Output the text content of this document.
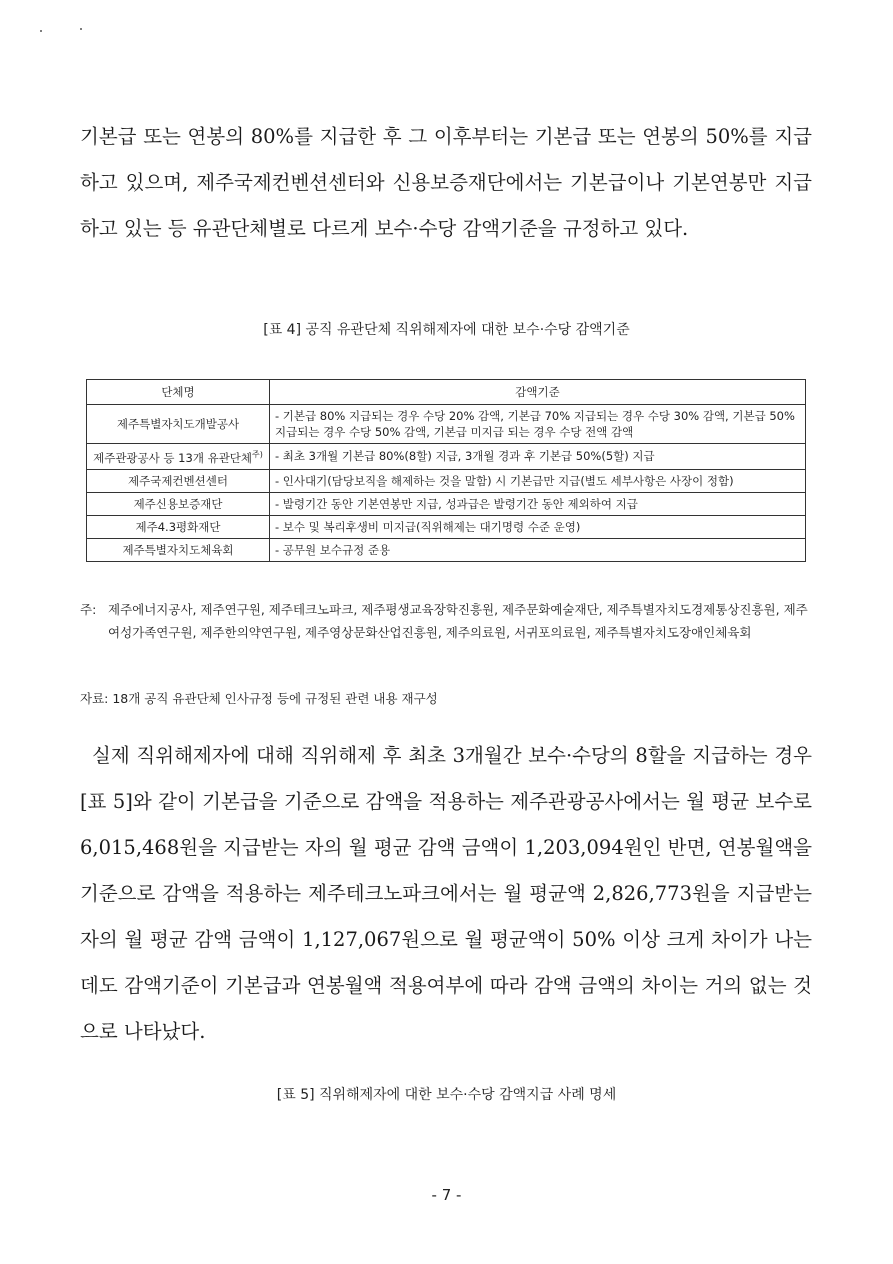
기본급 또는 연봉의 80%를 지급한 후 그 이후부터는 기본급 또는 연봉의 50%를 지급하고 있으며, 제주국제컨벤션센터와 신용보증재단에서는 기본급이나 기본연봉만 지급하고 있는 등 유관단체별로 다르게 보수·수당 감액기준을 규정하고 있다.

[표 4] 공직 유관단체 직위해제자에 대한 보수·수당 감액기준
단체명	감액기준
제주특별자치도개발공사	- 기본급 80% 지급되는 경우 수당 20% 감액, 기본급 70% 지급되는 경우 수당 30% 감액, 기본급 50% 지급되는 경우 수당 50% 감액, 기본급 미지급 되는 경우 수당 전액 감액
제주관광공사 등 13개 유관단체$^{주)}$	- 최초 3개월 기본급 80%(8할) 지급, 3개월 경과 후 기본급 50%(5할) 지급
제주국제컨벤션센터	- 인사대기(담당보직을 해제하는 것을 말함) 시 기본급만 지급(별도 세부사항은 사장이 정함)
제주신용보증재단	- 발령기간 동안 기본연봉만 지급, 성과급은 발령기간 동안 제외하여 지급
제주4.3평화재단	- 보수 및 복리후생비 미지급(직위해제는 대기명령 수준 운영)
제주특별자치도체육회	- 공무원 보수규정 준용
주: 제주에너지공사, 제주연구원, 제주테크노파크, 제주평생교육장학진흥원, 제주문화예술재단, 제주특별자치도경제통상진흥원, 제주여성가족연구원, 제주한의약연구원, 제주영상문화산업진흥원, 제주의료원, 서귀포의료원, 제주특별자치도장애인체육회
자료: 18개 공직 유관단체 인사규정 등에 규정된 관련 내용 재구성

실제 직위해제자에 대해 직위해제 후 최초 3개월간 보수·수당의 8할을 지급하는 경우 [표 5]와 같이 기본급을 기준으로 감액을 적용하는 제주관광공사에서는 월 평균 보수로 6,015,468원을 지급받는 자의 월 평균 감액 금액이 1,203,094원인 반면, 연봉월액을 기준으로 감액을 적용하는 제주테크노파크에서는 월 평균액 2,826,773원을 지급받는 자의 월 평균 감액 금액이 1,127,067원으로 월 평균액이 50% 이상 크게 차이가 나는데도 감액기준이 기본급과 연봉월액 적용여부에 따라 감액 금액의 차이는 거의 없는 것으로 나타났다.

[표 5] 직위해제자에 대한 보수·수당 감액지급 사례 명세
- 7 -
